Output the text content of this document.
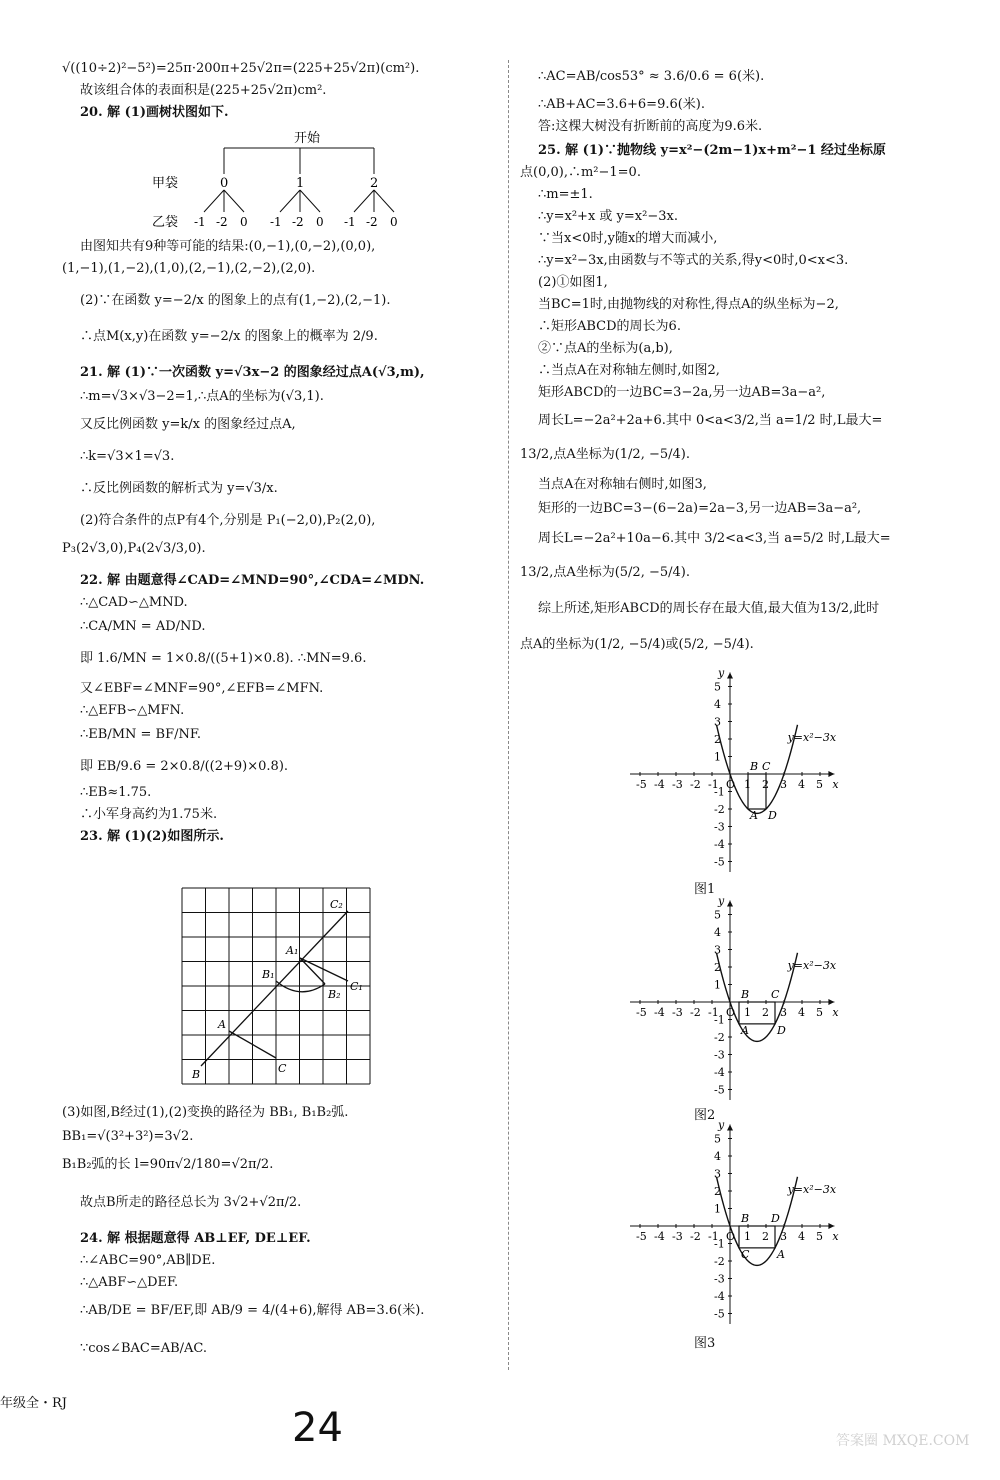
√((10÷2)²−5²)=25π·200π+25√2π=(225+25√2π)(cm²).
故该组合体的表面积是(225+25√2π)cm².
20. 解 (1)画树状图如下.
开始
甲袋	0	1	2
乙袋 -1 -2 0 -1 -2 0 -1 -2 0
由图知共有9种等可能的结果:(0,−1),(0,−2),(0,0),
(1,−1),(1,−2),(1,0),(2,−1),(2,−2),(2,0).
(2)∵在函数 y=−2/x 的图象上的点有(1,−2),(2,−1).
∴点M(x,y)在函数 y=−2/x 的图象上的概率为 2/9.
21. 解 (1)∵一次函数 y=√3x−2 的图象经过点A(√3,m),
∴m=√3×√3−2=1,∴点A的坐标为(√3,1).
又反比例函数 y=k/x 的图象经过点A,
∴k=√3×1=√3.
∴反比例函数的解析式为 y=√3/x.
(2)符合条件的点P有4个,分别是 P₁(−2,0),P₂(2,0),
P₃(2√3,0),P₄(2√3/3,0).
22. 解 由题意得∠CAD=∠MND=90°,∠CDA=∠MDN.
∴△CAD∽△MND.
∴CA/MN = AD/ND.
即 1.6/MN = 1×0.8/((5+1)×0.8). ∴MN=9.6.
又∠EBF=∠MNF=90°,∠EFB=∠MFN.
∴△EFB∽△MFN.
∴EB/MN = BF/NF.
即 EB/9.6 = 2×0.8/((2+9)×0.8).
∴EB≈1.75.
∴小军身高约为1.75米.
23. 解 (1)(2)如图所示.
C₂
A₁
B₁
B₂
C₁
A
B	C
(3)如图,B经过(1),(2)变换的路径为 BB₁, B₁B₂弧.
BB₁=√(3²+3²)=3√2.
B₁B₂弧的长 l=90π√2/180=√2π/2.
故点B所走的路径总长为 3√2+√2π/2.
24. 解 根据题意得 AB⊥EF, DE⊥EF.
∴∠ABC=90°,AB∥DE.
∴△ABF∽△DEF.
∴AB/DE = BF/EF,即 AB/9 = 4/(4+6),解得 AB=3.6(米).
∵cos∠BAC=AB/AC.
∴AC=AB/cos53° ≈ 3.6/0.6 = 6(米).
∴AB+AC=3.6+6=9.6(米).
答:这棵大树没有折断前的高度为9.6米.
25. 解 (1)∵抛物线 y=x²−(2m−1)x+m²−1 经过坐标原
点(0,0),∴m²−1=0.
∴m=±1.
∴y=x²+x 或 y=x²−3x.
∵当x<0时,y随x的增大而减小,
∴y=x²−3x,由函数与不等式的关系,得y<0时,0<x<3.
(2)①如图1,
当BC=1时,由抛物线的对称性,得点A的纵坐标为−2,
∴矩形ABCD的周长为6.
②∵点A的坐标为(a,b),
∴当点A在对称轴左侧时,如图2,
矩形ABCD的一边BC=3−2a,另一边AB=3a−a²,
周长L=−2a²+2a+6.其中 0<a<3/2,当 a=1/2 时,L最大=
13/2,点A坐标为(1/2, −5/4).
当点A在对称轴右侧时,如图3,
矩形的一边BC=3−(6−2a)=2a−3,另一边AB=3a−a²,
周长L=−2a²+10a−6.其中 3/2<a<3,当 a=5/2 时,L最大=
13/2,点A坐标为(5/2, −5/4).
综上所述,矩形ABCD的周长存在最大值,最大值为13/2,此时
点A的坐标为(1/2, −5/4)或(5/2, −5/4).
x
y
-5 -4 -3 -2 -1 O 1 2 3 4 5
5
4
3
2
1
-1
-2
-3
-4
-5
y=x²−3x
A
B C
D
图1
x
y
-5 -4 -3 -2 -1 O 1 2 3 4 5
5
4
3
2
1
-1
-2
-3
-4
-5
y=x²−3x
A
B C
D
图2
x
y
-5 -4 -3 -2 -1 O 1 2 3 4 5
5
4
3
2
1
-1
-2
-3
-4
-5
y=x²−3x
C
B D
A
图3
年级全・RJ
24	答案圈 MXQE.COM
